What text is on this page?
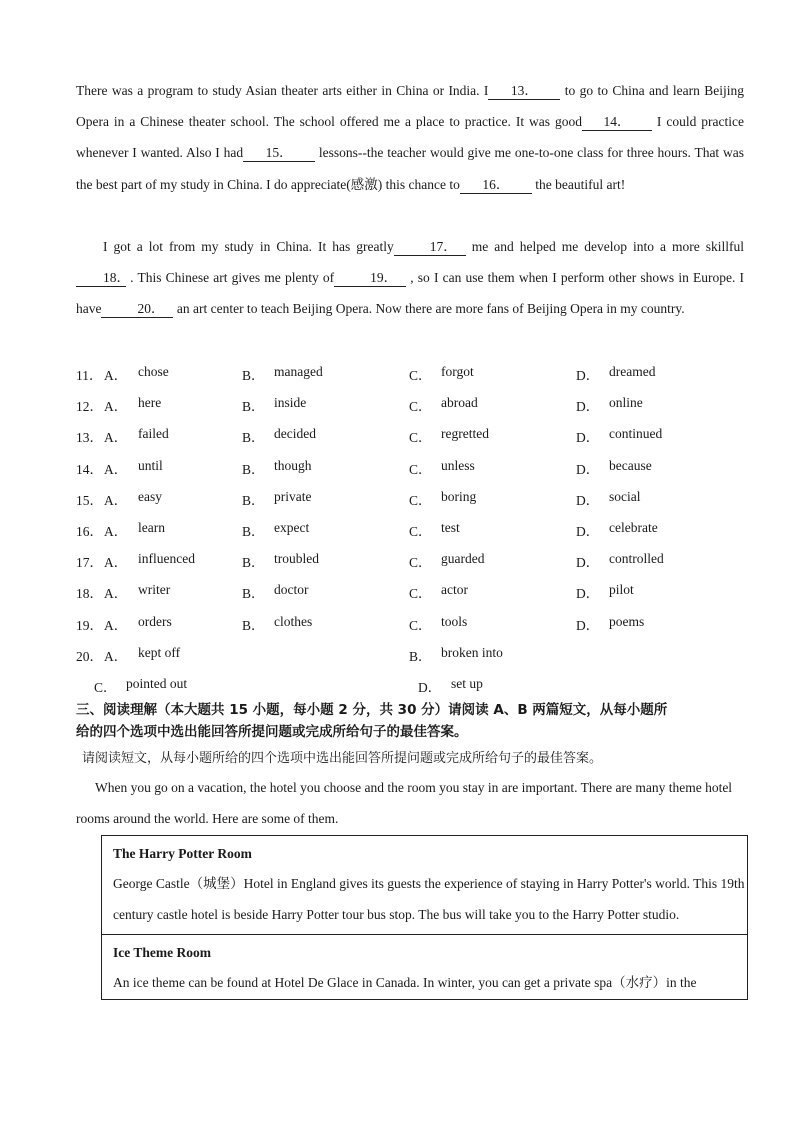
There was a program to study Asian theater arts either in China or India. I 13． to go to China and learn Beijing Opera in a Chinese theater school. The school offered me a place to practice. It was good 14． I could practice whenever I wanted. Also I had 15． lessons--the teacher would give me one-to-one class for three hours. That was the best part of my study in China. I do appreciate(感激) this chance to 16． the beautiful art!

I got a lot from my study in China. It has greatly	17． me and helped me develop into a more skillful 18． . This Chinese art gives me plenty of	19． , so I can use them when I perform other shows in Europe. I have	20． an art center to teach Beijing Opera. Now there are more fans of Beijing Opera in my country.

11． A． chose	B． managed	C． forgot	D． dreamed
12． A． here	B． inside	C． abroad	D． online
13． A． failed	B． decided	C． regretted	D． continued
14． A． until	B． though	C． unless	D． because
15． A． easy	B． private	C． boring	D． social
16． A． learn	B． expect	C． test	D． celebrate
17． A． influenced	B． troubled	C． guarded	D． controlled
18． A． writer	B． doctor	C． actor	D． pilot
19． A． orders	B． clothes	C． tools	D． poems
20． A． kept off	B． broken into
C． pointed out	D． set up

三、阅读理解（本大题共 15 小题，每小题 2 分，共 30 分）请阅读 A、B 两篇短文，从每小题所
给的四个选项中选出能回答所提问题或完成所给句子的最佳答案。

请阅读短文，从每小题所给的四个选项中选出能回答所提问题或完成所给句子的最佳答案。

When you go on a vacation, the hotel you choose and the room you stay in are important. There are many theme hotel rooms around the world. Here are some of them.

The Harry Potter Room
George Castle（城堡）Hotel in England gives its guests the experience of staying in Harry Potter's world. This 19th century castle hotel is beside Harry Potter tour bus stop. The bus will take you to the Harry Potter studio.

Ice Theme Room
An ice theme can be found at Hotel De Glace in Canada. In winter, you can get a private spa（水疗）in the
